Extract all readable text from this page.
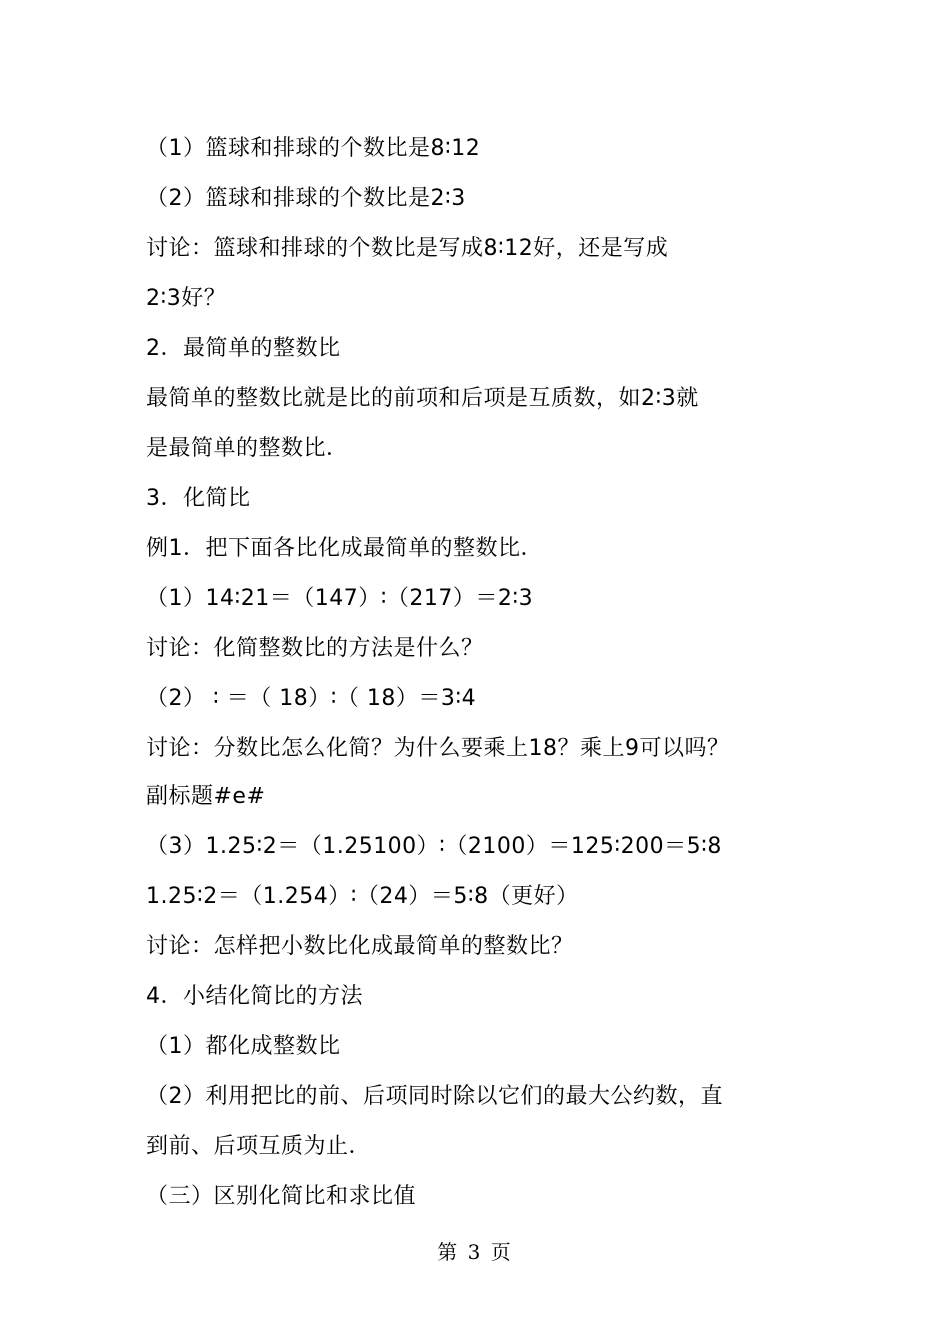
（1）篮球和排球的个数比是8∶12
（2）篮球和排球的个数比是2∶3
讨论：篮球和排球的个数比是写成8∶12好，还是写成
2∶3好？
2．最简单的整数比
最简单的整数比就是比的前项和后项是互质数，如2∶3就
是最简单的整数比．
3．化简比
例1．把下面各比化成最简单的整数比．
（1）14∶21＝（147）∶（217）＝2∶3
讨论：化简整数比的方法是什么？
（2） ∶ ＝（ 18）∶（ 18）＝3∶4
讨论：分数比怎么化简？为什么要乘上18？乘上9可以吗？
副标题#e#
（3）1.25∶2＝（1.25100）∶（2100）＝125∶200＝5∶8
1.25∶2＝（1.254）∶（24）＝5∶8（更好）
讨论：怎样把小数比化成最简单的整数比？
4．小结化简比的方法
（1）都化成整数比
（2）利用把比的前、后项同时除以它们的最大公约数，直
到前、后项互质为止．
（三）区别化简比和求比值
第 3 页
